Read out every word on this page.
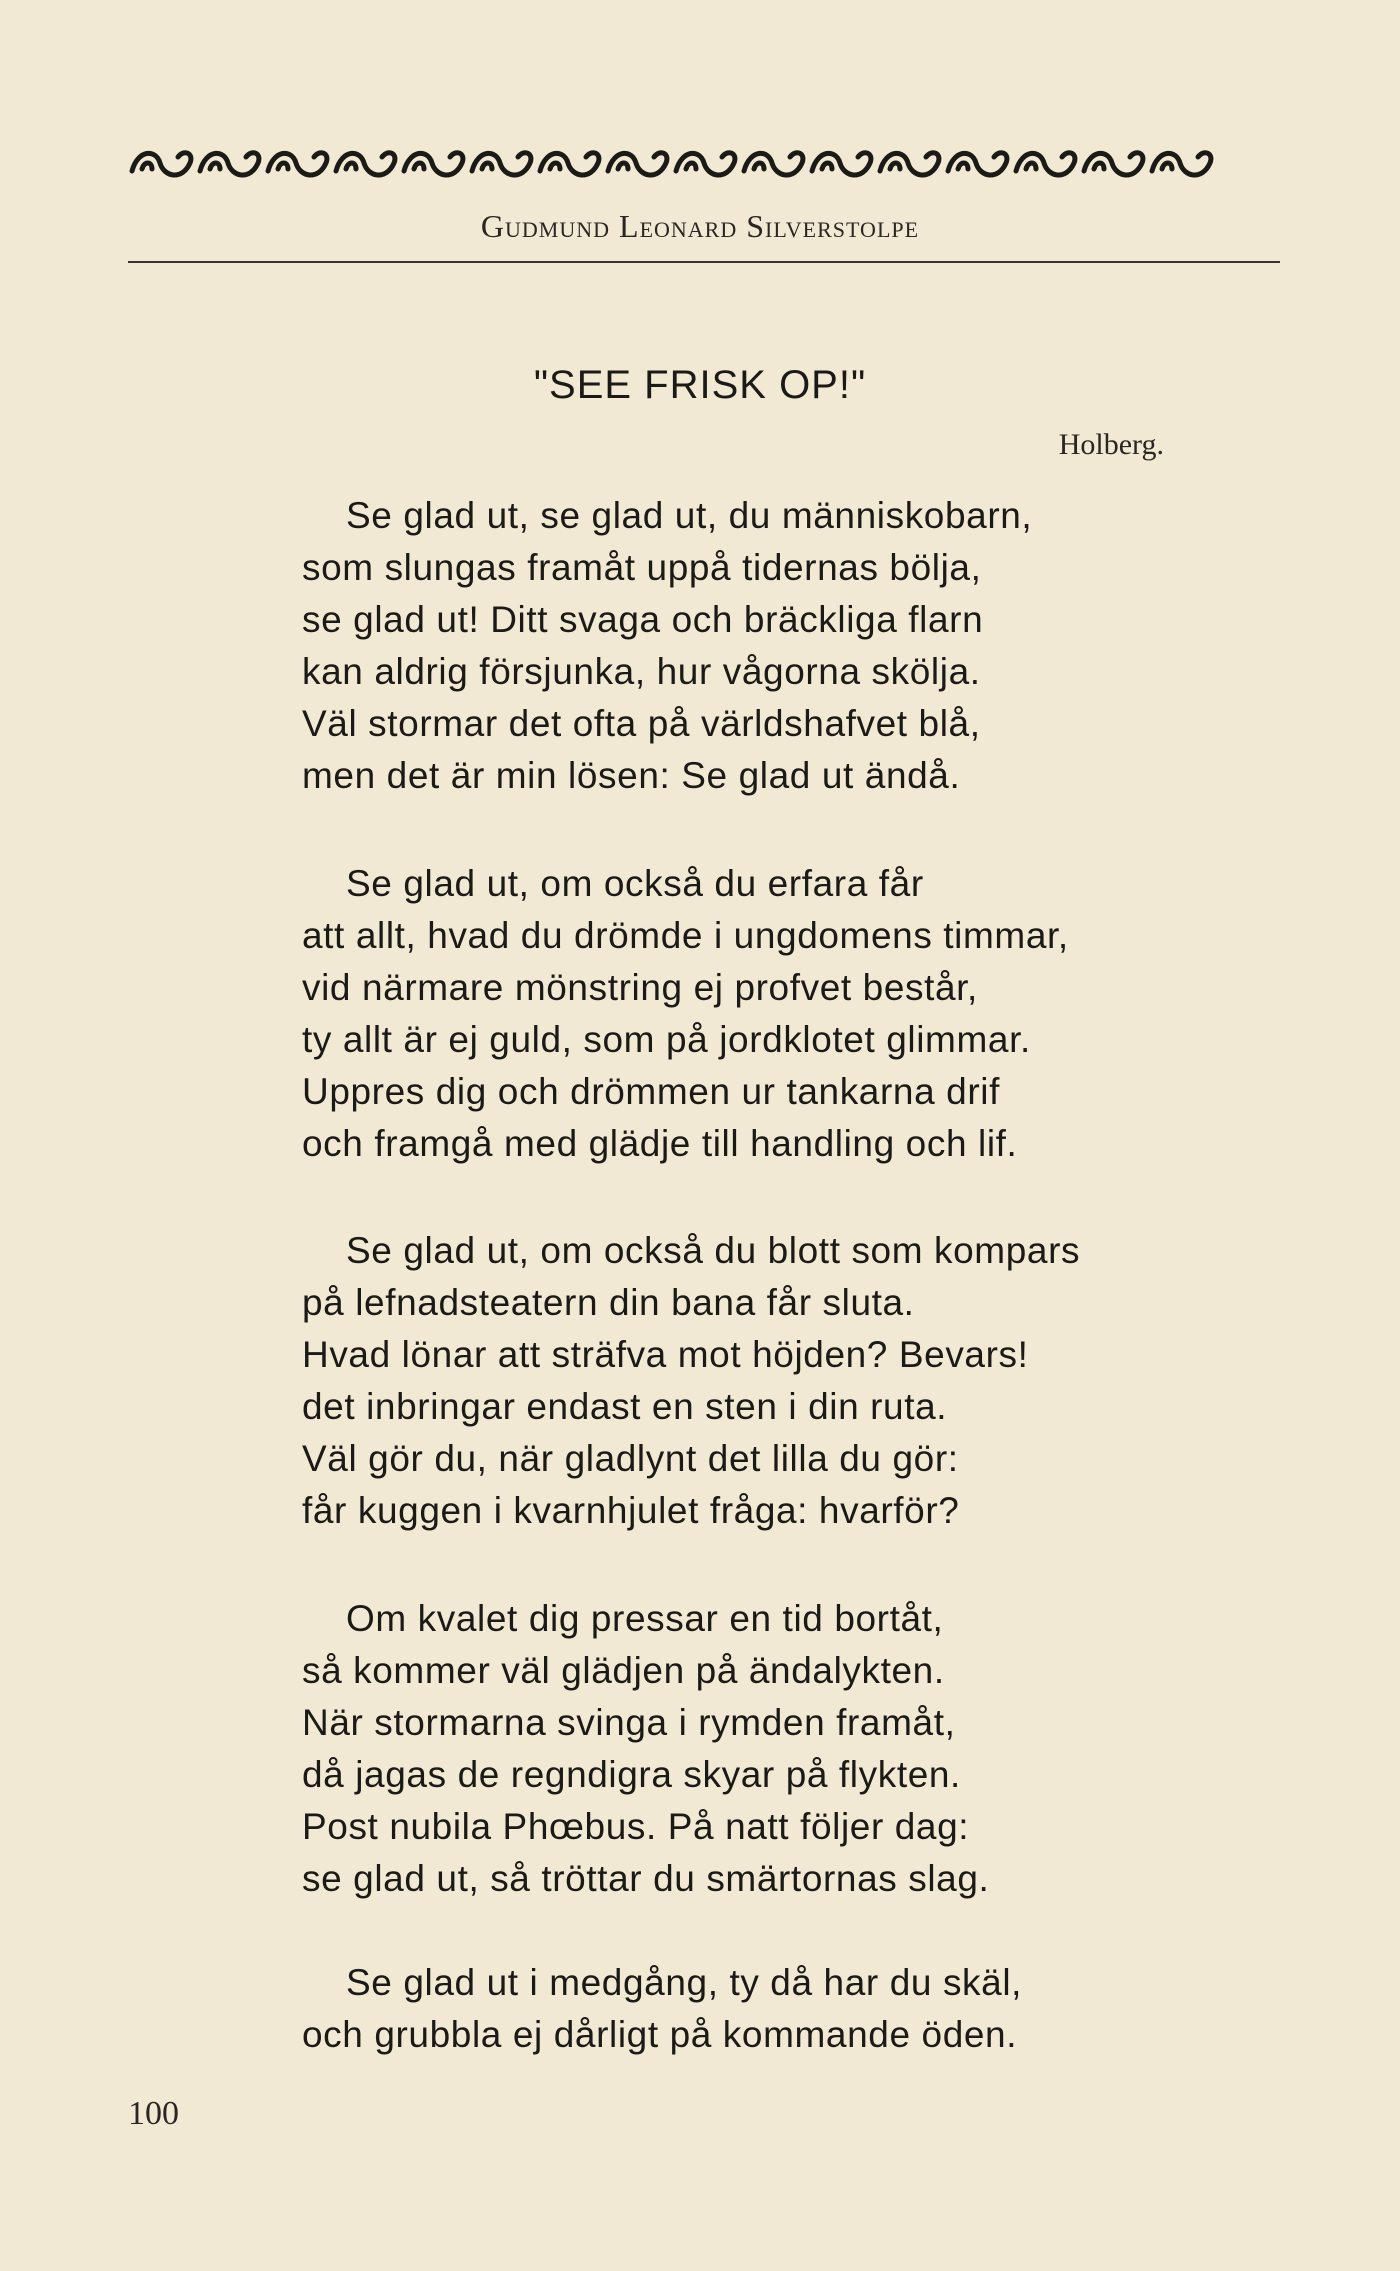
Gudmund Leonard Silverstolpe
"SEE FRISK OP!"
Holberg.
Se glad ut, se glad ut, du människobarn,
som slungas framåt uppå tidernas bölja,
se glad ut! Ditt svaga och bräckliga flarn
kan aldrig försjunka, hur vågorna skölja.
Väl stormar det ofta på världshafvet blå,
men det är min lösen: Se glad ut ändå.
Se glad ut, om också du erfara får
att allt, hvad du drömde i ungdomens timmar,
vid närmare mönstring ej profvet består,
ty allt är ej guld, som på jordklotet glimmar.
Uppres dig och drömmen ur tankarna drif
och framgå med glädje till handling och lif.
Se glad ut, om också du blott som kompars
på lefnadsteatern din bana får sluta.
Hvad lönar att sträfva mot höjden? Bevars!
det inbringar endast en sten i din ruta.
Väl gör du, när gladlynt det lilla du gör:
får kuggen i kvarnhjulet fråga: hvarför?
Om kvalet dig pressar en tid bortåt,
så kommer väl glädjen på ändalykten.
När stormarna svinga i rymden framåt,
då jagas de regndigra skyar på flykten.
Post nubila Phœbus. På natt följer dag:
se glad ut, så tröttar du smärtornas slag.
Se glad ut i medgång, ty då har du skäl,
och grubbla ej dårligt på kommande öden.
100
